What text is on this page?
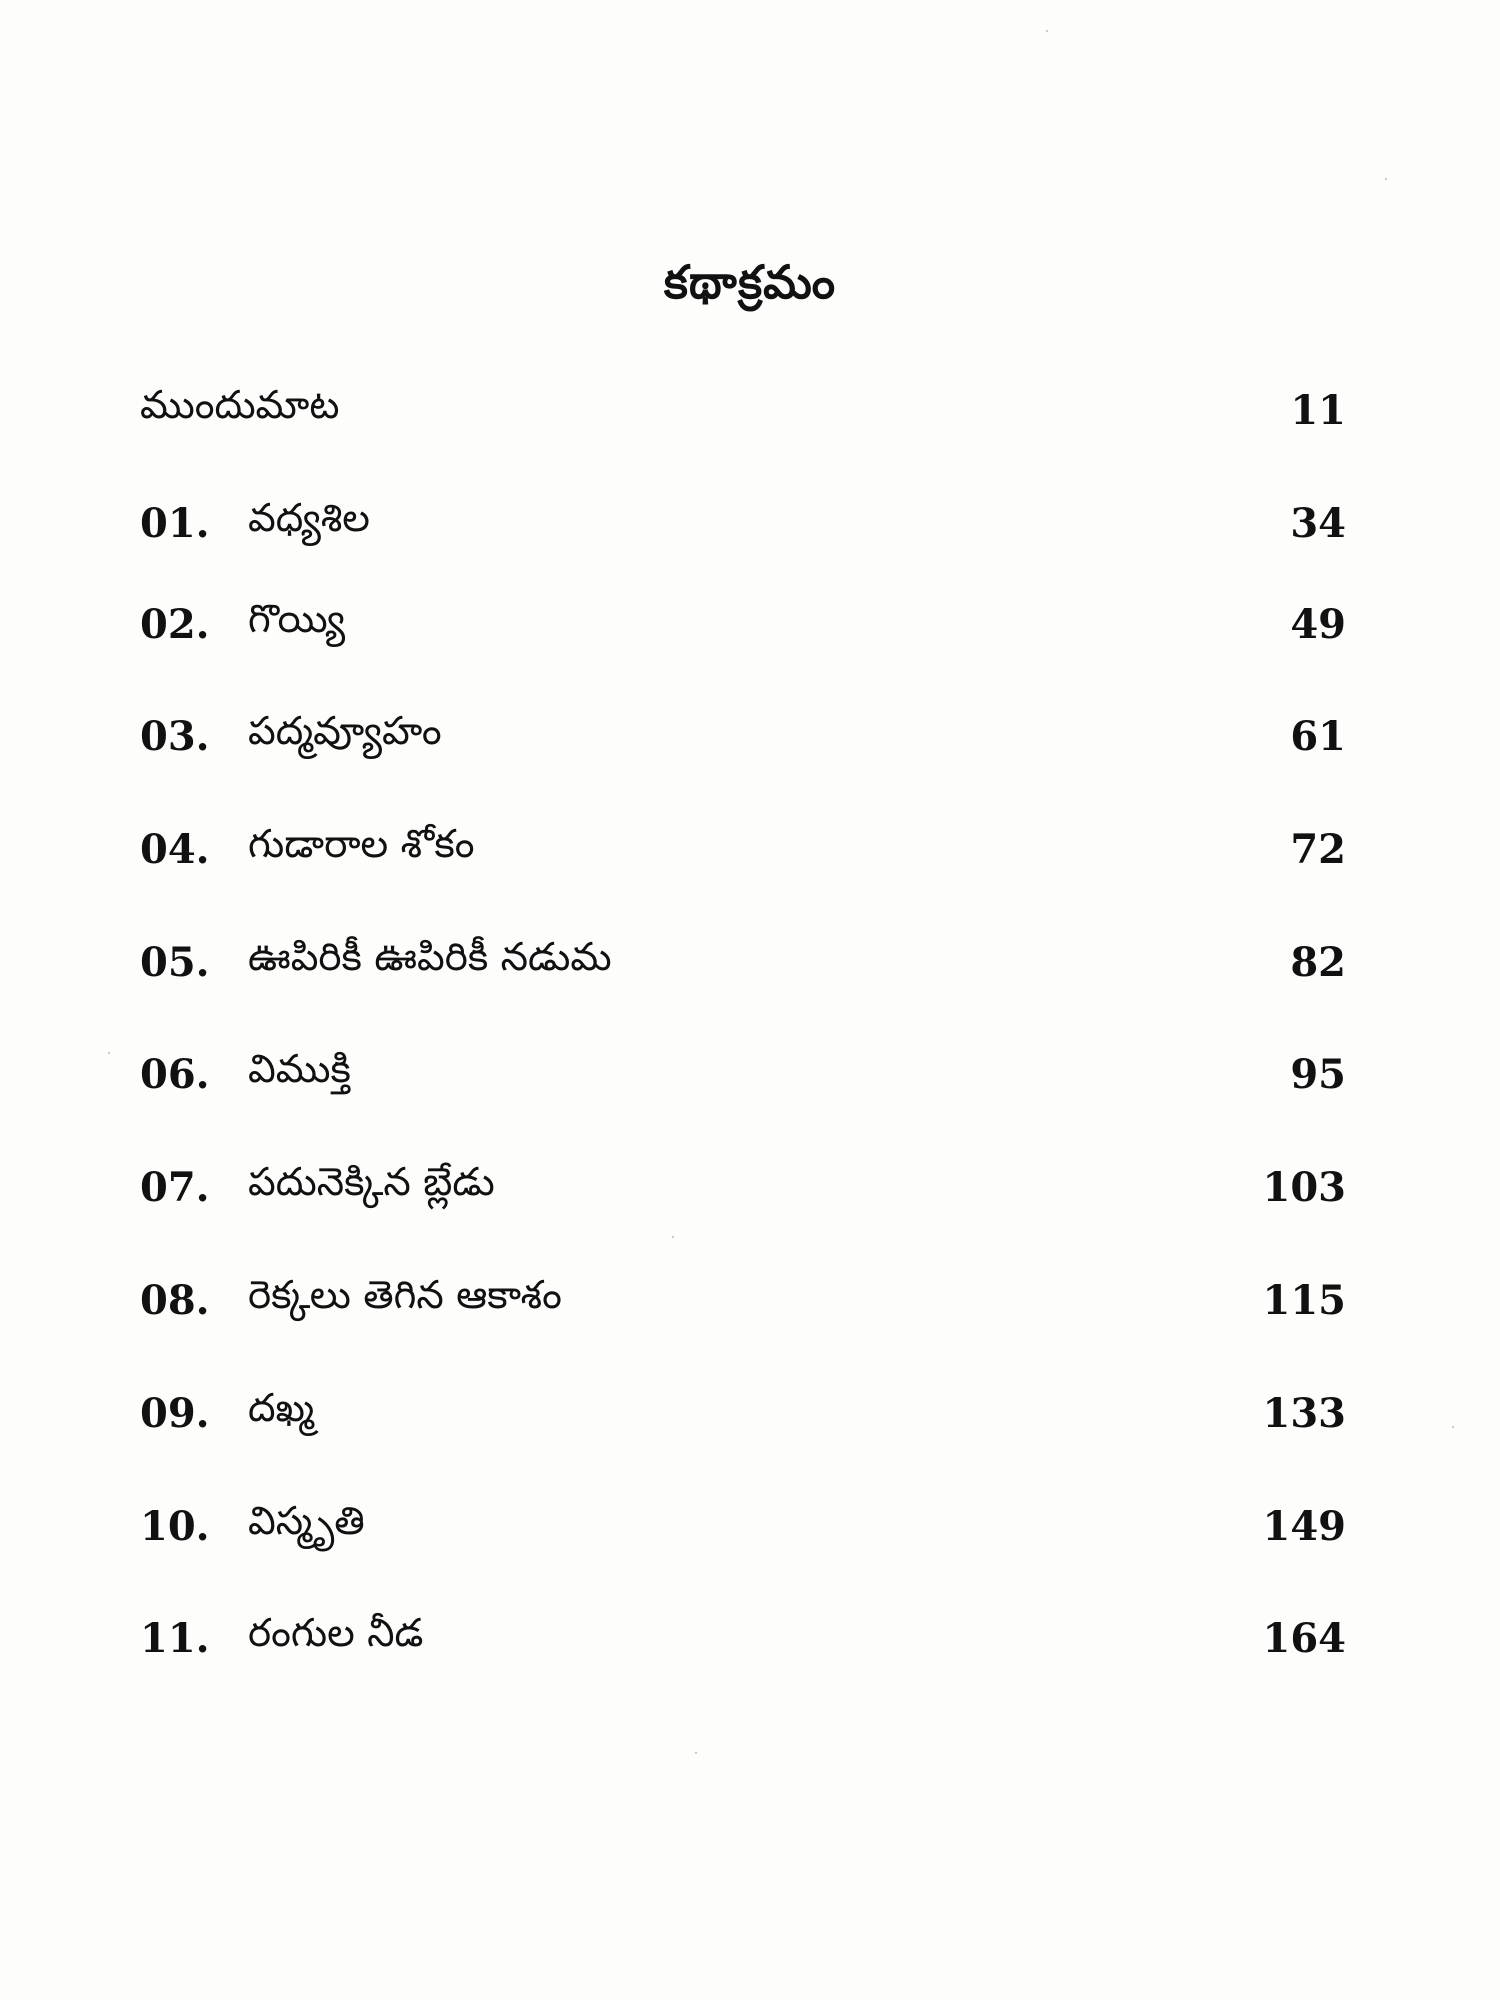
కథాక్రమం
ముందుమాట	11
01. వధ్యశిల	34
02. గొయ్యి	49
03. పద్మవ్యూహం	61
04. గుడారాల శోకం	72
05. ఊపిరికీ ఊపిరికీ నడుమ	82
06. విముక్తి	95
07. పదునెక్కిన బ్లేడు	103
08. రెక్కలు తెగిన ఆకాశం	115
09. దఖ్మ	133
10. విస్మృతి	149
11. రంగుల నీడ	164
